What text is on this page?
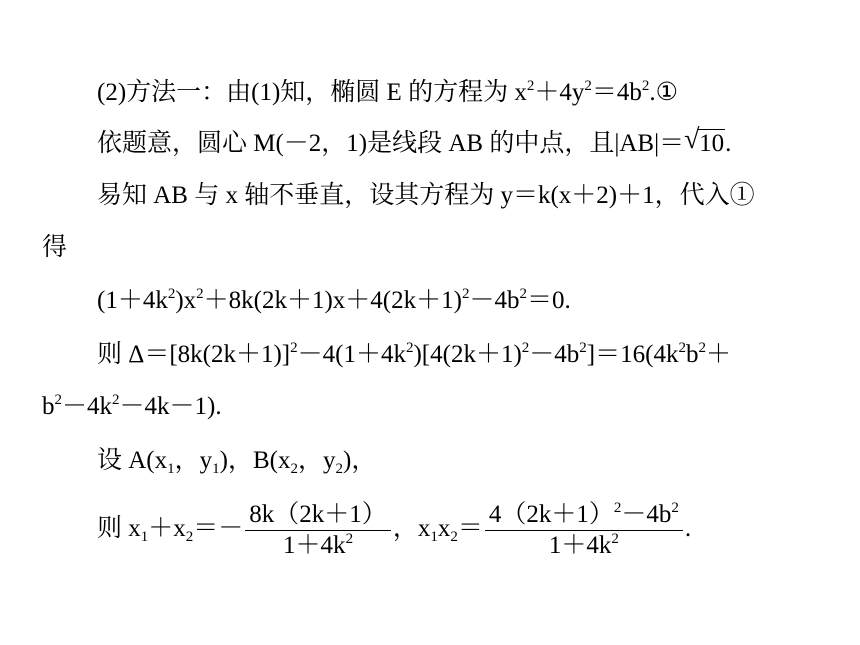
(2)方法一：由(1)知，椭圆 E 的方程为 $x^2+4y^2=4b^2.①$
依题意，圆心 M(－2，1)是线段 AB 的中点，且|AB|＝ √ 10.
易知 AB 与 x 轴不垂直，设其方程为 y＝k(x＋2)＋1，代入①
得
$(1+4k^2)x^2+8k(2k+1)x+4(2k+1)^2-4b^2=0$.
则 $\Delta=[8k(2k+1)]^2-4(1+4k^2)[4(2k+1)^2-4b^2]=16(4k^2b^2+$
$b^2-4k^2-4k-1$).
设 $A(x_1$，$y_1$)，$B(x_2$，$y_2$)，
则 $x_1+x_2=- \frac{8k(2k+1)}{1+4k^2}$ ，$x_1x_2= \frac{4(2k+1)^2-4b^2}{1+4k^2}$ .
